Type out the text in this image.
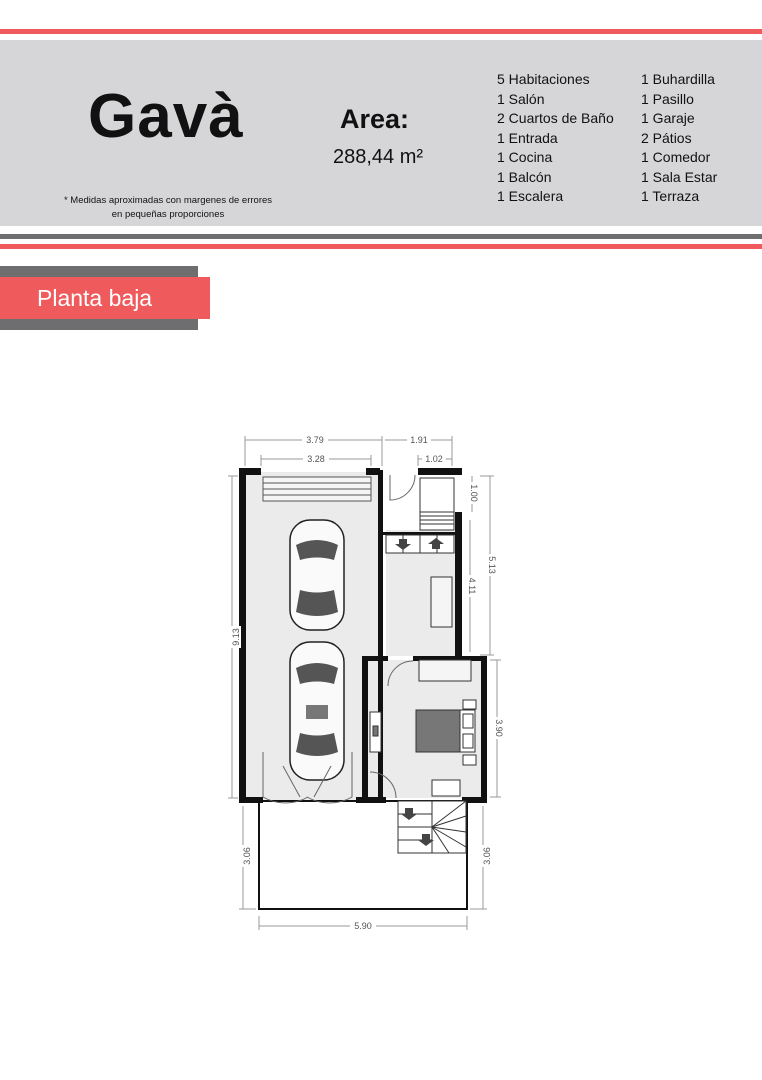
Gavà	Area:
288,44 m²
* Medidas aproximadas con margenes de errores en pequeñas proporciones
5 Habitaciones
1 Salón
2 Cuartos de Baño
1 Entrada
1 Cocina
1 Balcón
1 Escalera
1 Buhardilla
1 Pasillo
1 Garaje
2 Pátios
1 Comedor
1 Sala Estar
1 Terraza
Planta baja
3.79	1.91
3.28	1.02
1.00
5.13
4.11
3.90
9.13
3.06	3.06
5.90
